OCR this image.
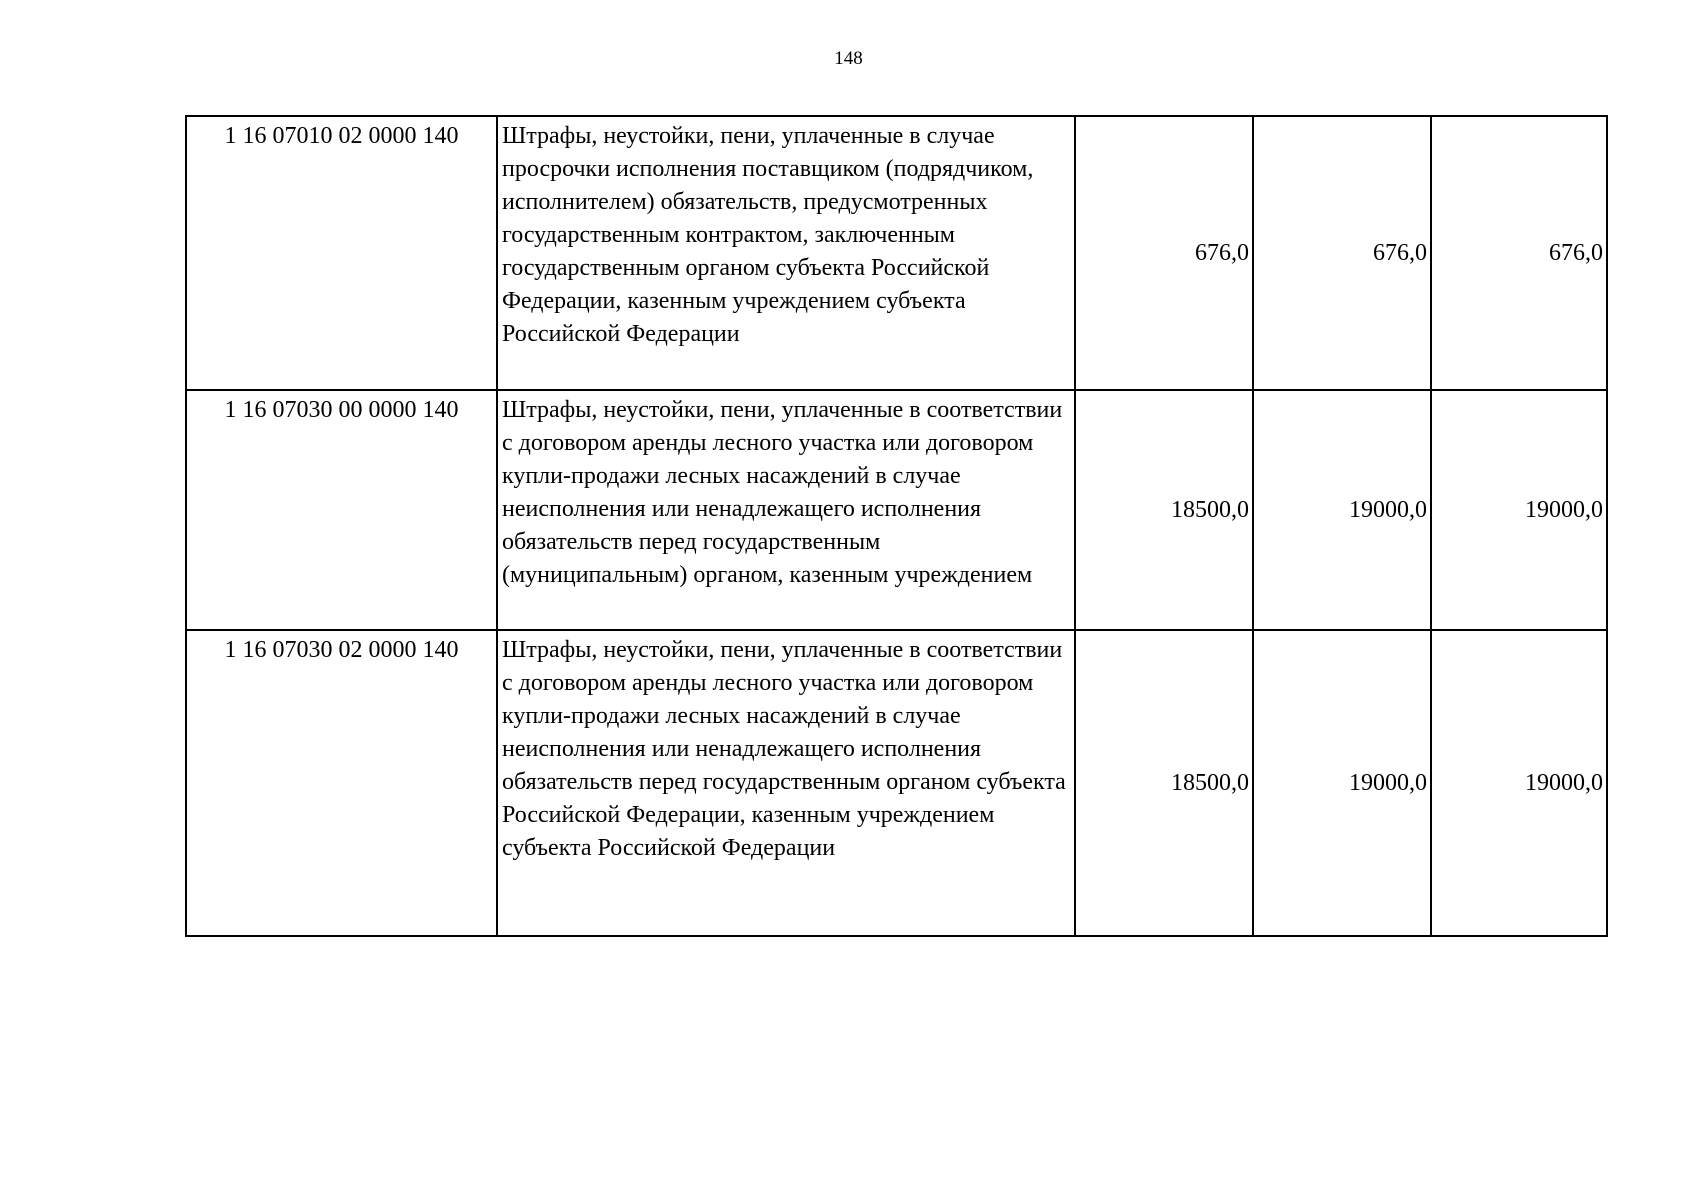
148
1 16 07010 02 0000 140	Штрафы, неустойки, пени, уплаченные в случае просрочки исполнения поставщиком (подрядчиком, исполнителем) обязательств, предусмотренных государственным контрактом, заключенным государственным органом субъекта Российской Федерации, казенным учреждением субъекта Российской Федерации	676,0	676,0	676,0
1 16 07030 00 0000 140	Штрафы, неустойки, пени, уплаченные в соответствии с договором аренды лесного участка или договором купли-продажи лесных насаждений в случае неисполнения или ненадлежащего исполнения обязательств перед государственным (муниципальным) органом, казенным учреждением	18500,0	19000,0	19000,0
1 16 07030 02 0000 140	Штрафы, неустойки, пени, уплаченные в соответствии с договором аренды лесного участка или договором купли-продажи лесных насаждений в случае неисполнения или ненадлежащего исполнения обязательств перед государственным органом субъекта Российской Федерации, казенным учреждением субъекта Российской Федерации	18500,0	19000,0	19000,0
